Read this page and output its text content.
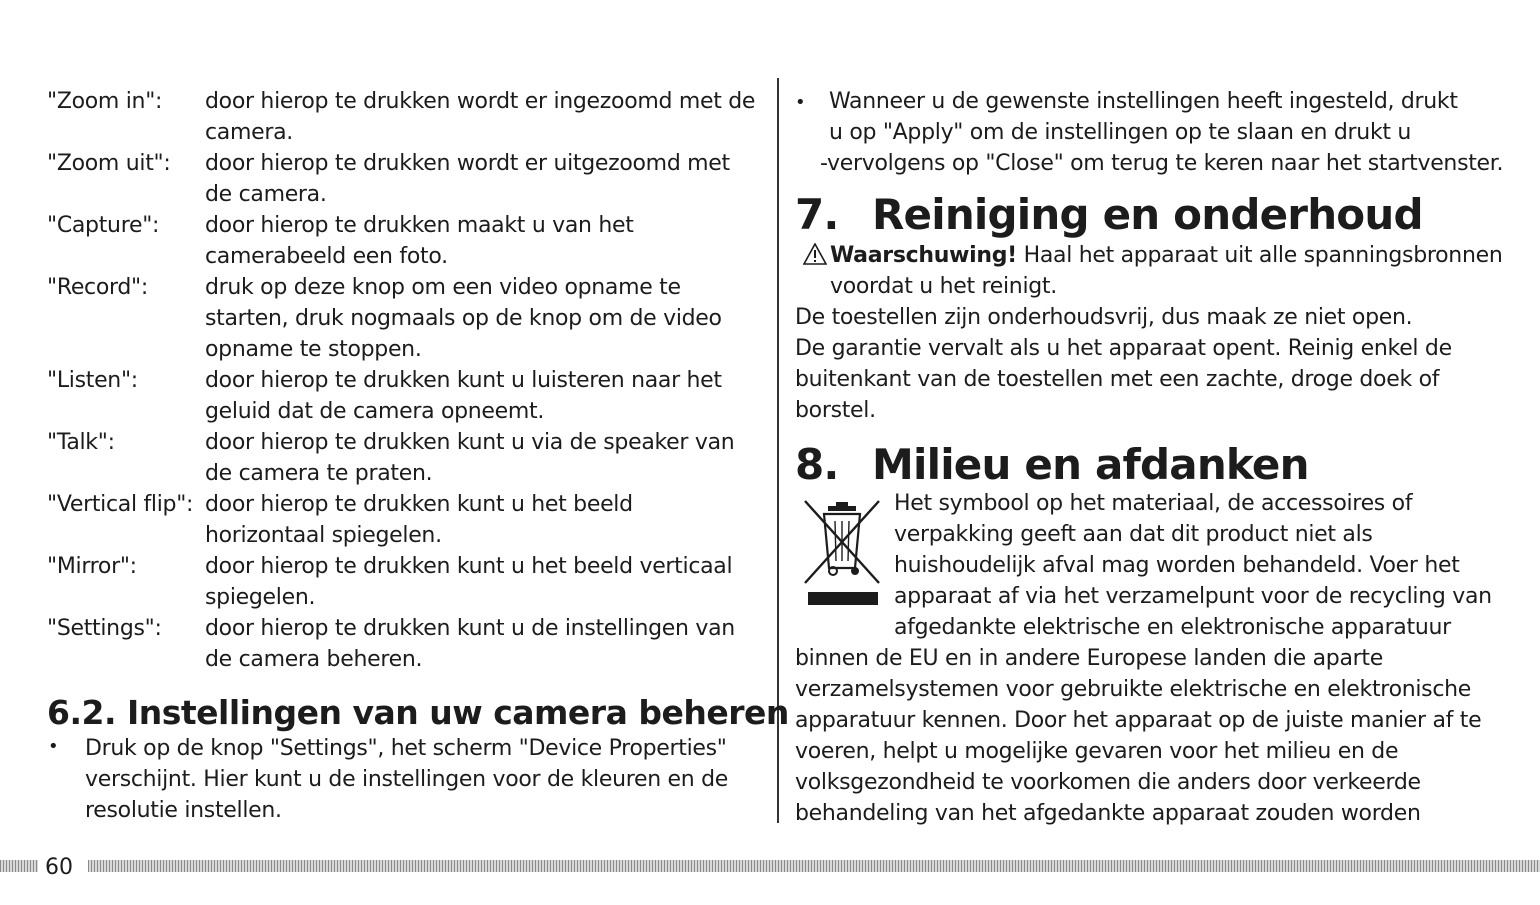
"Zoom in": door hierop te drukken wordt er ingezoomd met de
camera.
"Zoom uit": door hierop te drukken wordt er uitgezoomd met
de camera.
"Capture": door hierop te drukken maakt u van het
camerabeeld een foto.
"Record":	druk op deze knop om een video opname te
starten, druk nogmaals op de knop om de video
opname te stoppen.
"Listen":	door hierop te drukken kunt u luisteren naar het
geluid dat de camera opneemt.
"Talk":	door hierop te drukken kunt u via de speaker van
de camera te praten.
"Vertical flip": door hierop te drukken kunt u het beeld
horizontaal spiegelen.
"Mirror":	door hierop te drukken kunt u het beeld verticaal
spiegelen.
"Settings": door hierop te drukken kunt u de instellingen van
de camera beheren.
6.2. Instellingen van uw camera beheren
• Druk op de knop "Settings", het scherm "Device Properties"
verschijnt. Hier kunt u de instellingen voor de kleuren en de
resolutie instellen.
• Wanneer u de gewenste instellingen heeft ingesteld, drukt
u op "Apply" om de instellingen op te slaan en drukt u
-vervolgens op "Close" om terug te keren naar het startvenster.
7. Reiniging en onderhoud
Waarschuwing! Haal het apparaat uit alle spanningsbronnen
voordat u het reinigt.
De toestellen zijn onderhoudsvrij, dus maak ze niet open.
De garantie vervalt als u het apparaat opent. Reinig enkel de
buitenkant van de toestellen met een zachte, droge doek of
borstel.
8. Milieu en afdanken
Het symbool op het materiaal, de accessoires of
verpakking geeft aan dat dit product niet als
huishoudelijk afval mag worden behandeld. Voer het
apparaat af via het verzamelpunt voor de recycling van
afgedankte elektrische en elektronische apparatuur
binnen de EU en in andere Europese landen die aparte
verzamelsystemen voor gebruikte elektrische en elektronische
apparatuur kennen. Door het apparaat op de juiste manier af te
voeren, helpt u mogelijke gevaren voor het milieu en de
volksgezondheid te voorkomen die anders door verkeerde
behandeling van het afgedankte apparaat zouden worden
60
